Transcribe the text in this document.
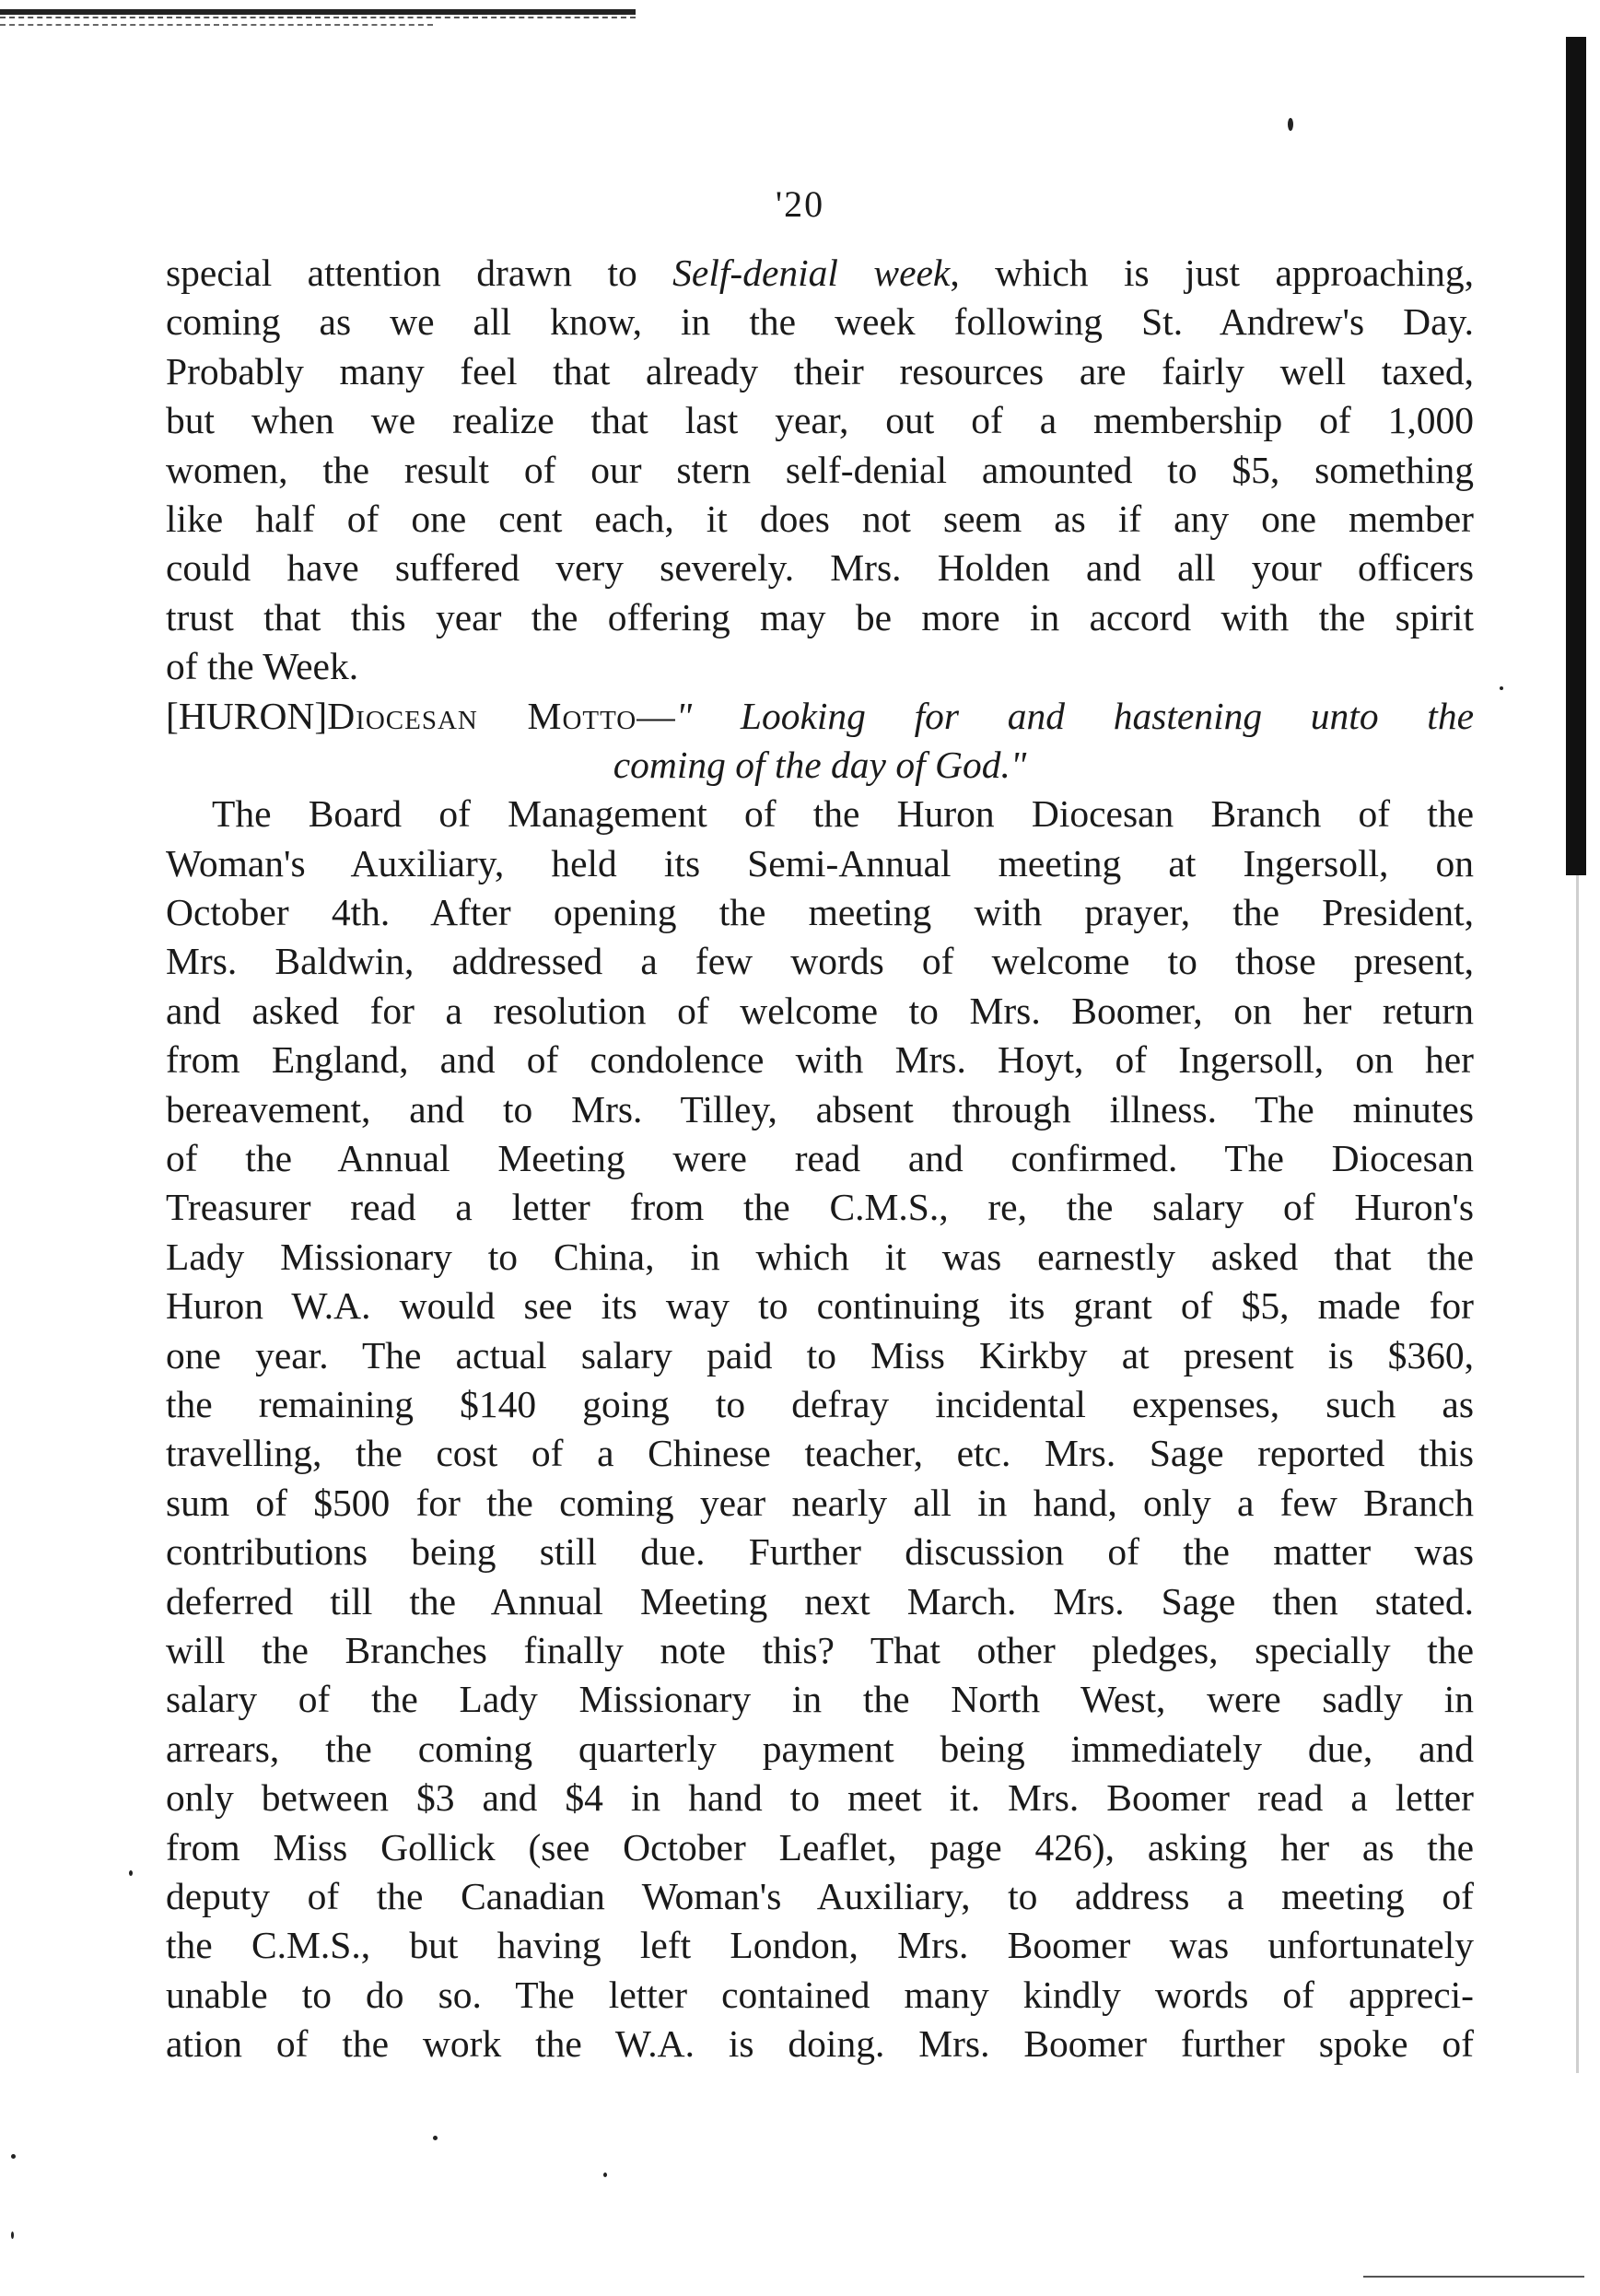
'20
special attention drawn to Self-denial week, which is just approaching,
coming as we all know, in the week following St. Andrew's Day.
Probably many feel that already their resources are fairly well taxed,
but when we realize that last year, out of a membership of 1,000
women, the result of our stern self-denial amounted to $5, something
like half of one cent each, it does not seem as if any one member
could have suffered very severely. Mrs. Holden and all your officers
trust that this year the offering may be more in accord with the spirit
of the Week.
[HURON]Diocesan Motto—" Looking for and hastening unto the
coming of the day of God."
The Board of Management of the Huron Diocesan Branch of the
Woman's Auxiliary, held its Semi-Annual meeting at Ingersoll, on
October 4th. After opening the meeting with prayer, the President,
Mrs. Baldwin, addressed a few words of welcome to those present,
and asked for a resolution of welcome to Mrs. Boomer, on her return
from England, and of condolence with Mrs. Hoyt, of Ingersoll, on her
bereavement, and to Mrs. Tilley, absent through illness. The minutes
of the Annual Meeting were read and confirmed. The Diocesan
Treasurer read a letter from the C.M.S., re, the salary of Huron's
Lady Missionary to China, in which it was earnestly asked that the
Huron W.A. would see its way to continuing its grant of $5, made for
one year. The actual salary paid to Miss Kirkby at present is $360,
the remaining $140 going to defray incidental expenses, such as
travelling, the cost of a Chinese teacher, etc. Mrs. Sage reported this
sum of $500 for the coming year nearly all in hand, only a few Branch
contributions being still due. Further discussion of the matter was
deferred till the Annual Meeting next March. Mrs. Sage then stated.
will the Branches finally note this? That other pledges, specially the
salary of the Lady Missionary in the North West, were sadly in
arrears, the coming quarterly payment being immediately due, and
only between $3 and $4 in hand to meet it. Mrs. Boomer read a letter
from Miss Gollick (see October Leaflet, page 426), asking her as the
deputy of the Canadian Woman's Auxiliary, to address a meeting of
the C.M.S., but having left London, Mrs. Boomer was unfortunately
unable to do so. The letter contained many kindly words of appreci-
ation of the work the W.A. is doing. Mrs. Boomer further spoke of
